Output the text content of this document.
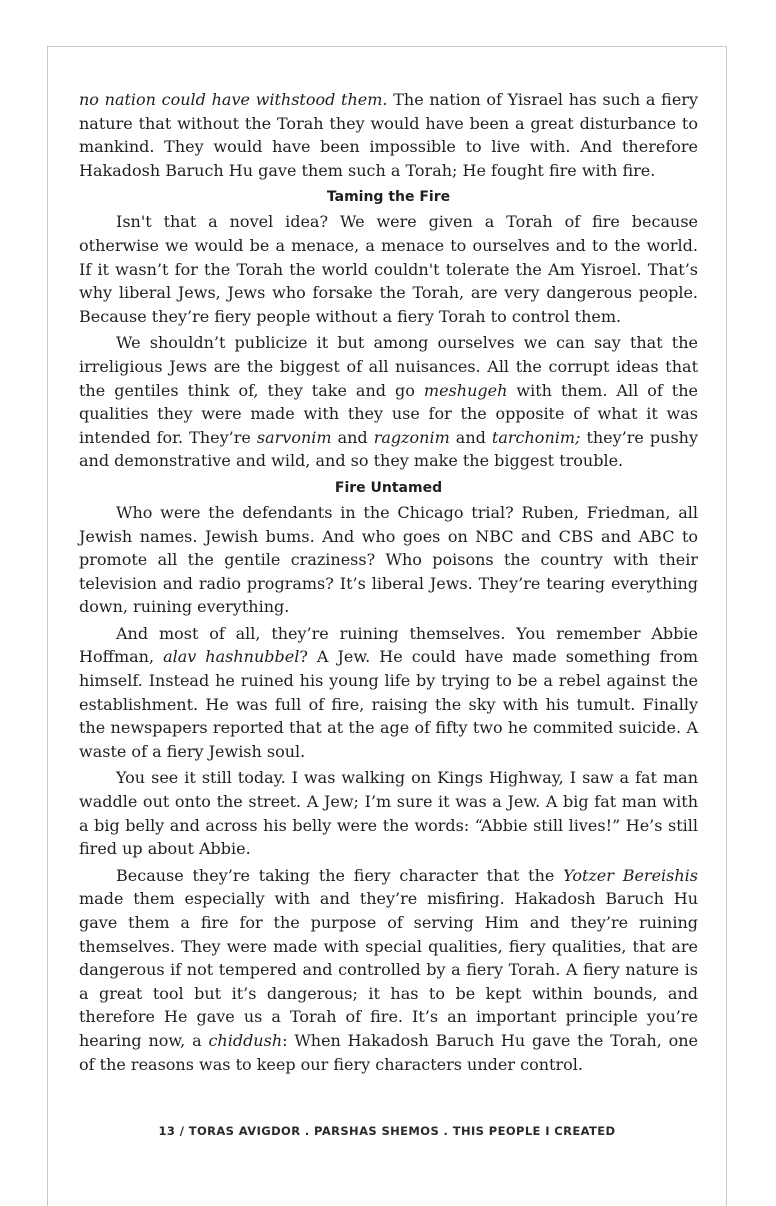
no nation could have withstood them. The nation of Yisrael has such a fiery nature that without the Torah they would have been a great disturbance to mankind. They would have been impossible to live with. And therefore Hakadosh Baruch Hu gave them such a Torah; He fought fire with fire.

Taming the Fire

Isn't that a novel idea? We were given a Torah of fire because otherwise we would be a menace, a menace to ourselves and to the world. If it wasn’t for the Torah the world couldn't tolerate the Am Yisroel. That’s why liberal Jews, Jews who forsake the Torah, are very dangerous people. Because they’re fiery people without a fiery Torah to control them.

We shouldn’t publicize it but among ourselves we can say that the irreligious Jews are the biggest of all nuisances. All the corrupt ideas that the gentiles think of, they take and go meshugeh with them. All of the qualities they were made with they use for the opposite of what it was intended for. They’re sarvonim and ragzonim and tarchonim; they’re pushy and demonstrative and wild, and so they make the biggest trouble.

Fire Untamed

Who were the defendants in the Chicago trial? Ruben, Friedman, all Jewish names. Jewish bums. And who goes on NBC and CBS and ABC to promote all the gentile craziness? Who poisons the country with their television and radio programs? It’s liberal Jews. They’re tearing everything down, ruining everything.

And most of all, they’re ruining themselves. You remember Abbie Hoffman, alav hashnubbel? A Jew. He could have made something from himself. Instead he ruined his young life by trying to be a rebel against the establishment. He was full of fire, raising the sky with his tumult. Finally the newspapers reported that at the age of fifty two he commited suicide. A waste of a fiery Jewish soul.

You see it still today. I was walking on Kings Highway, I saw a fat man waddle out onto the street. A Jew; I’m sure it was a Jew. A big fat man with a big belly and across his belly were the words: “Abbie still lives!” He’s still fired up about Abbie.

Because they’re taking the fiery character that the Yotzer Bereishis made them especially with and they’re misfiring. Hakadosh Baruch Hu gave them a fire for the purpose of serving Him and they’re ruining themselves. They were made with special qualities, fiery qualities, that are dangerous if not tempered and controlled by a fiery Torah. A fiery nature is a great tool but it’s dangerous; it has to be kept within bounds, and therefore He gave us a Torah of fire. It’s an important principle you’re hearing now, a chiddush: When Hakadosh Baruch Hu gave the Torah, one of the reasons was to keep our fiery characters under control.

13 / TORAS AVIGDOR . PARSHAS SHEMOS . THIS PEOPLE I CREATED
